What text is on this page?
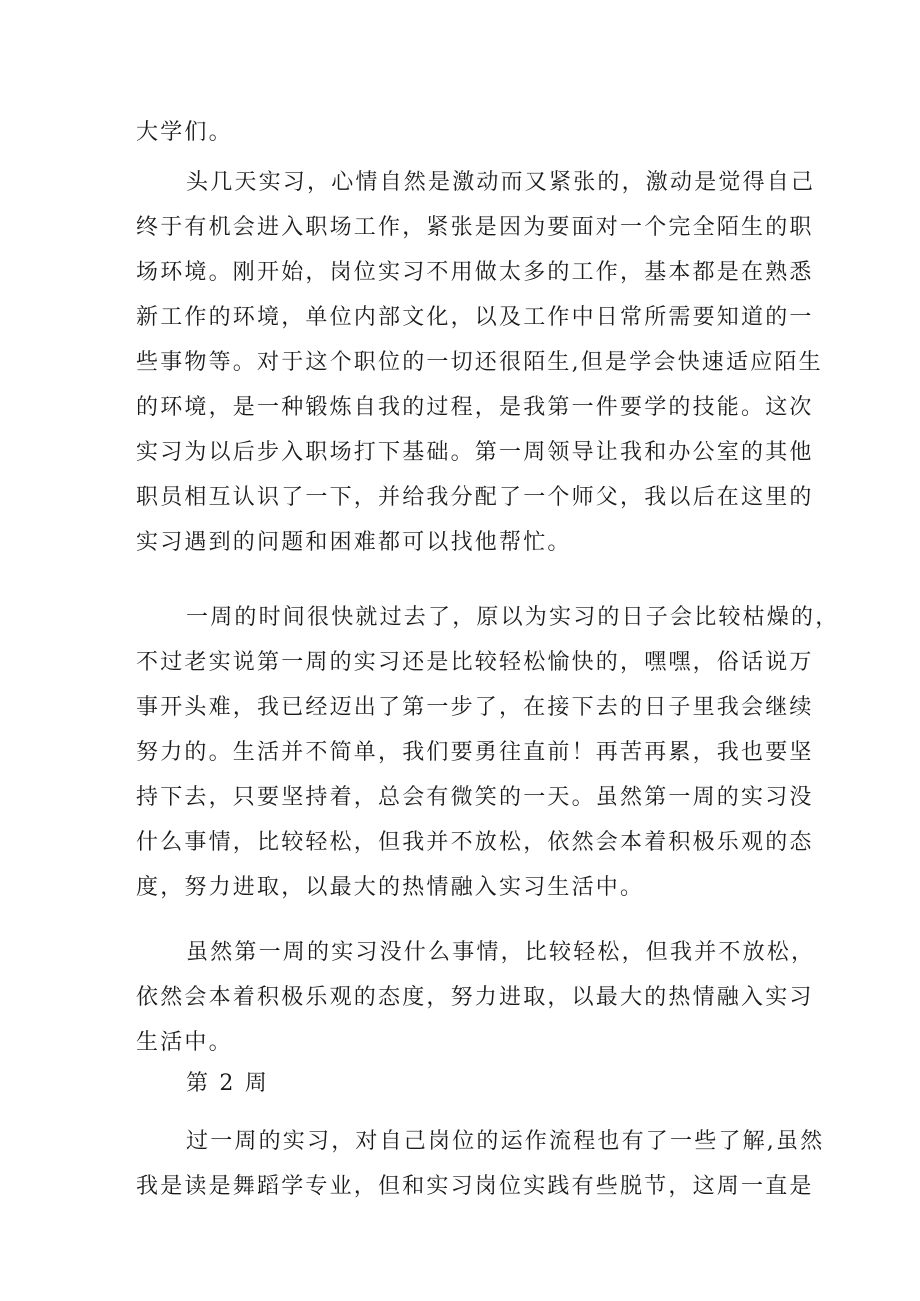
大学们。
头几天实习，心情自然是激动而又紧张的，激动是觉得自己
终于有机会进入职场工作，紧张是因为要面对一个完全陌生的职
场环境。刚开始，岗位实习不用做太多的工作，基本都是在熟悉
新工作的环境，单位内部文化，以及工作中日常所需要知道的一
些事物等。对于这个职位的一切还很陌生,但是学会快速适应陌生
的环境，是一种锻炼自我的过程，是我第一件要学的技能。这次
实习为以后步入职场打下基础。第一周领导让我和办公室的其他
职员相互认识了一下，并给我分配了一个师父，我以后在这里的
实习遇到的问题和困难都可以找他帮忙。
一周的时间很快就过去了，原以为实习的日子会比较枯燥的，
不过老实说第一周的实习还是比较轻松愉快的，嘿嘿，俗话说万
事开头难，我已经迈出了第一步了，在接下去的日子里我会继续
努力的。生活并不简单，我们要勇往直前！再苦再累，我也要坚
持下去，只要坚持着，总会有微笑的一天。虽然第一周的实习没
什么事情，比较轻松，但我并不放松，依然会本着积极乐观的态
度，努力进取，以最大的热情融入实习生活中。
虽然第一周的实习没什么事情，比较轻松，但我并不放松，
依然会本着积极乐观的态度，努力进取，以最大的热情融入实习
生活中。
第 2 周
过一周的实习，对自己岗位的运作流程也有了一些了解,虽然
我是读是舞蹈学专业，但和实习岗位实践有些脱节，这周一直是
